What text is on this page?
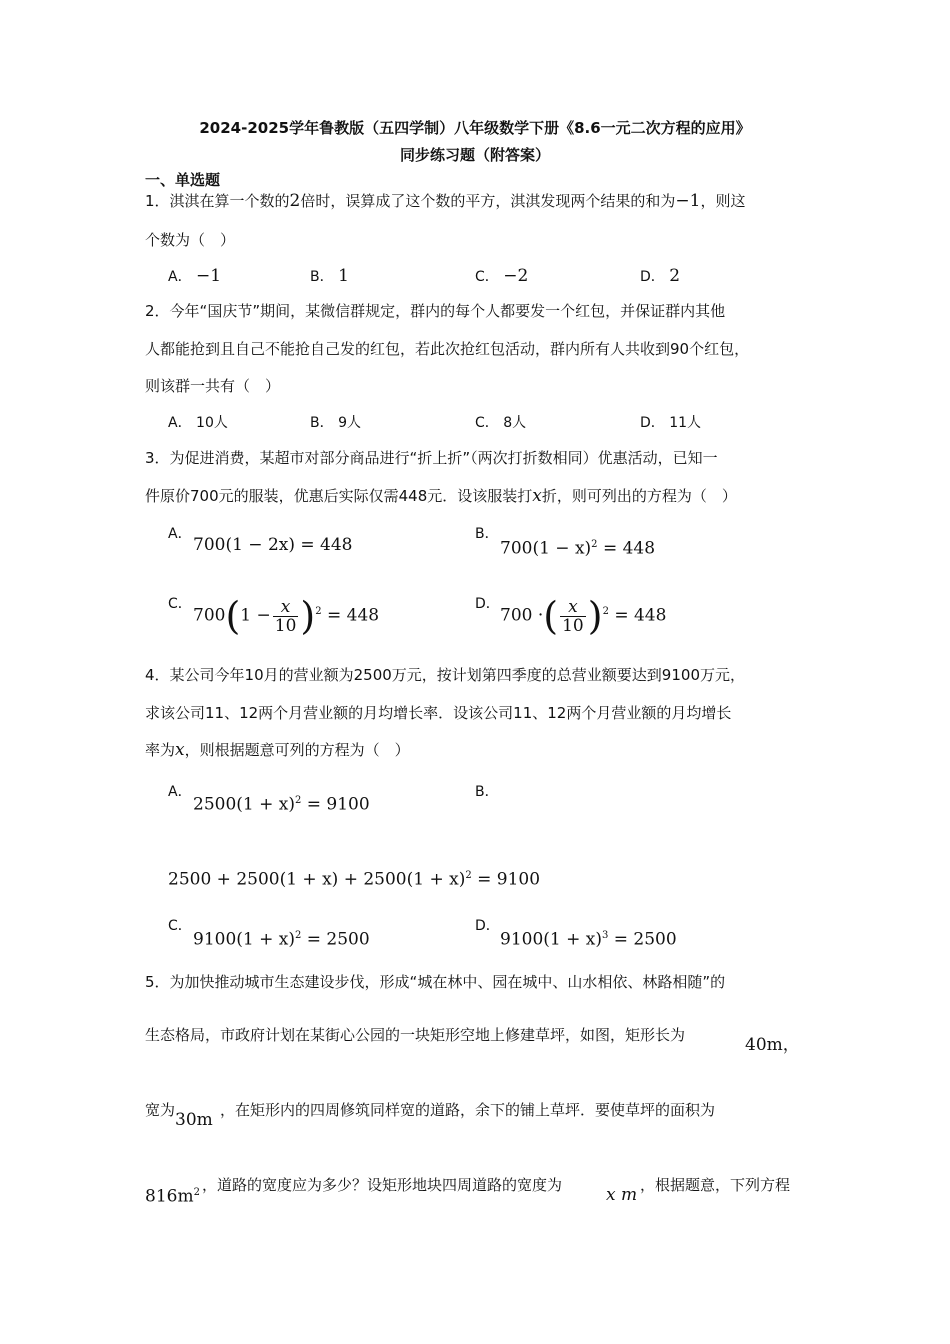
2024-2025学年鲁教版（五四学制）八年级数学下册《8.6一元二次方程的应用》
同步练习题（附答案）
一、单选题
1．淇淇在算一个数的2倍时，误算成了这个数的平方，淇淇发现两个结果的和为−1，则这
个数为（　）
A． −1	B． 1	C． −2	D． 2
2．今年“国庆节”期间，某微信群规定，群内的每个人都要发一个红包，并保证群内其他
人都能抢到且自己不能抢自己发的红包，若此次抢红包活动，群内所有人共收到90个红包，
则该群一共有（　）
A． 10人	B． 9人	C． 8人	D． 11人
3．为促进消费，某超市对部分商品进行“折上折”（两次打折数相同）优惠活动，已知一
件原价700元的服装，优惠后实际仅需448元．设该服装打x折，则可列出的方程为（　）
A．
700(1 − 2x) = 448
B．
$700(1 - x)^2 = 448$
C．
$700(1 - \frac{x}{10} )^2 = 448$
D．
700 ·( $\frac{x}{10} )^2 = 448$
4．某公司今年10月的营业额为2500万元，按计划第四季度的总营业额要达到9100万元，
求该公司11、12两个月营业额的月均增长率．设该公司11、12两个月营业额的月均增长
率为x，则根据题意可列的方程为（　）
A．
$2500(1 + x)^2 = 9100$
B．
$2500 + 2500(1 + x) + 2500(1 + x)^2 = 9100$
C．
$9100(1 + x)^2 = 2500$
D．
$9100(1 + x)^3 = 2500$
5．为加快推动城市生态建设步伐，形成“城在林中、园在城中、山水相依、林路相随”的
生态格局，市政府计划在某街心公园的一块矩形空地上修建草坪，如图，矩形长为	40m，
宽为 30m ，在矩形内的四周修筑同样宽的道路，余下的铺上草坪．要使草坪的面积为
$816m^2$ ，道路的宽度应为多少？设矩形地块四周道路的宽度为	x m ，根据题意，下列方程
